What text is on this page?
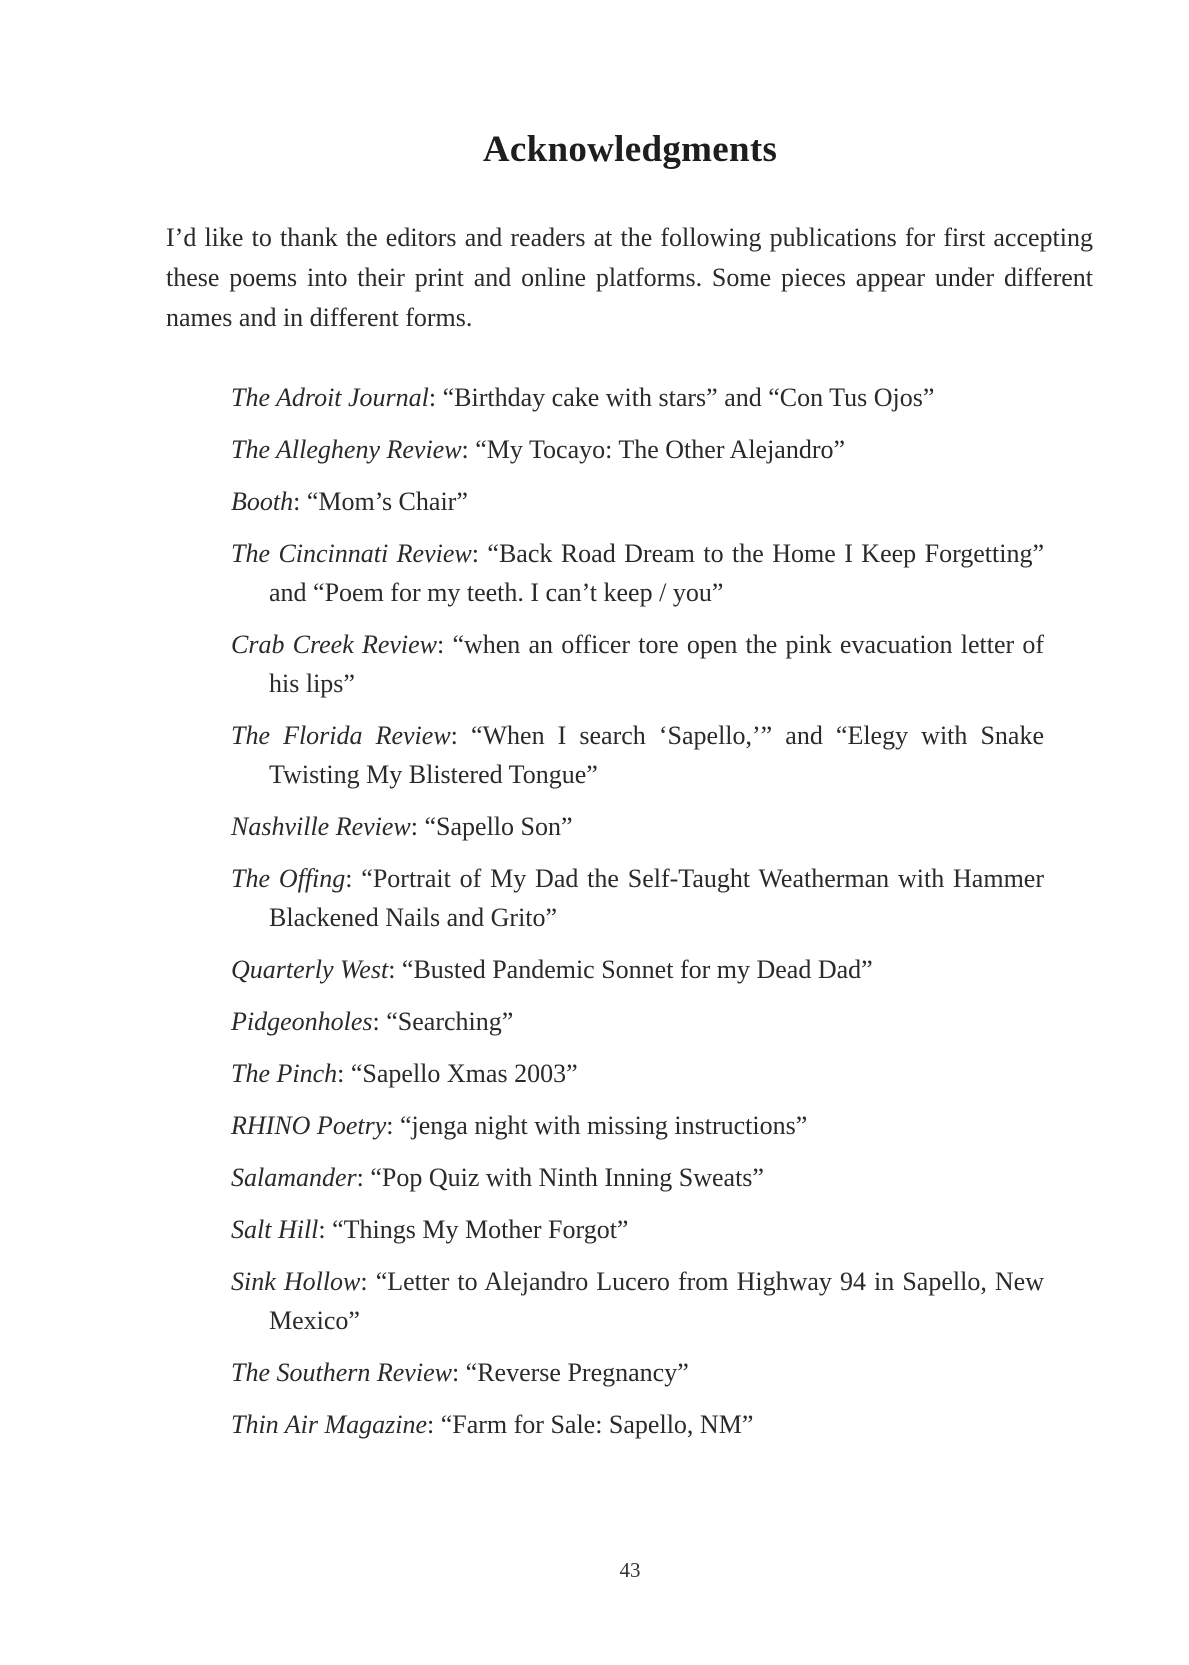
Acknowledgments

I’d like to thank the editors and readers at the following publications for first accepting these poems into their print and online platforms. Some pieces appear under different names and in different forms.

The Adroit Journal: “Birthday cake with stars” and “Con Tus Ojos”
The Allegheny Review: “My Tocayo: The Other Alejandro”
Booth: “Mom’s Chair”
The Cincinnati Review: “Back Road Dream to the Home I Keep Forgetting” and “Poem for my teeth. I can’t keep / you”
Crab Creek Review: “when an officer tore open the pink evacuation letter of his lips”
The Florida Review: “When I search ‘Sapello,’” and “Elegy with Snake Twisting My Blistered Tongue”
Nashville Review: “Sapello Son”
The Offing: “Portrait of My Dad the Self-Taught Weatherman with Hammer Blackened Nails and Grito”
Quarterly West: “Busted Pandemic Sonnet for my Dead Dad”
Pidgeonholes: “Searching”
The Pinch: “Sapello Xmas 2003”
RHINO Poetry: “jenga night with missing instructions”
Salamander: “Pop Quiz with Ninth Inning Sweats”
Salt Hill: “Things My Mother Forgot”
Sink Hollow: “Letter to Alejandro Lucero from Highway 94 in Sapello, New Mexico”
The Southern Review: “Reverse Pregnancy”
Thin Air Magazine: “Farm for Sale: Sapello, NM”
43
